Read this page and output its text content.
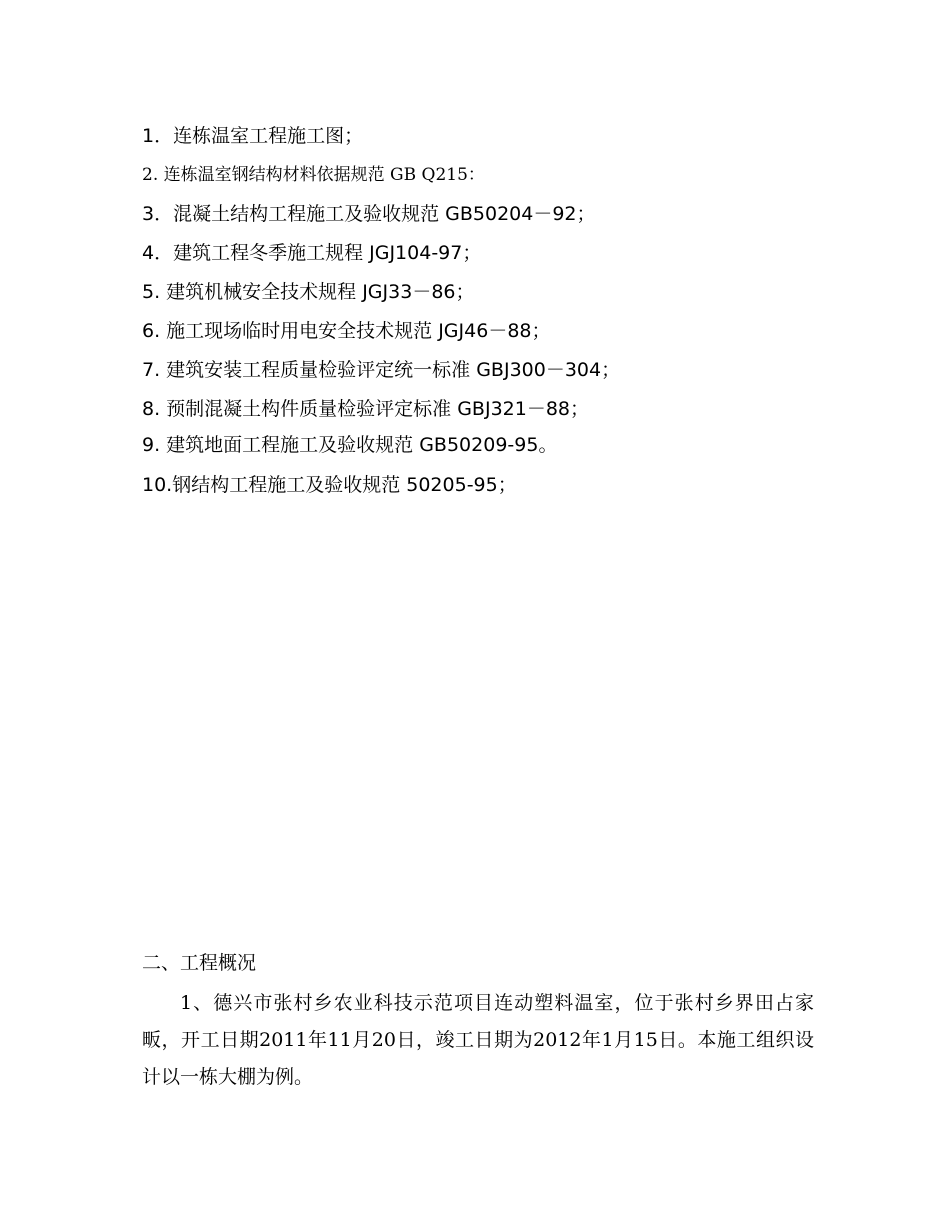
1．连栋温室工程施工图；
2. 连栋温室钢结构材料依据规范 GB Q215：
3．混凝土结构工程施工及验收规范 GB50204－92；
4．建筑工程冬季施工规程 JGJ104-97；
5. 建筑机械安全技术规程 JGJ33－86；
6. 施工现场临时用电安全技术规范 JGJ46－88；
7. 建筑安装工程质量检验评定统一标准 GBJ300－304；
8. 预制混凝土构件质量检验评定标准 GBJ321－88；
9. 建筑地面工程施工及验收规范 GB50209-95。
10.钢结构工程施工及验收规范 50205-95；
二、工程概况
1、德兴市张村乡农业科技示范项目连动塑料温室，位于张村乡界田占家畈，开工日期2011年11月20日，竣工日期为2012年1月15日。本施工组织设计以一栋大棚为例。
